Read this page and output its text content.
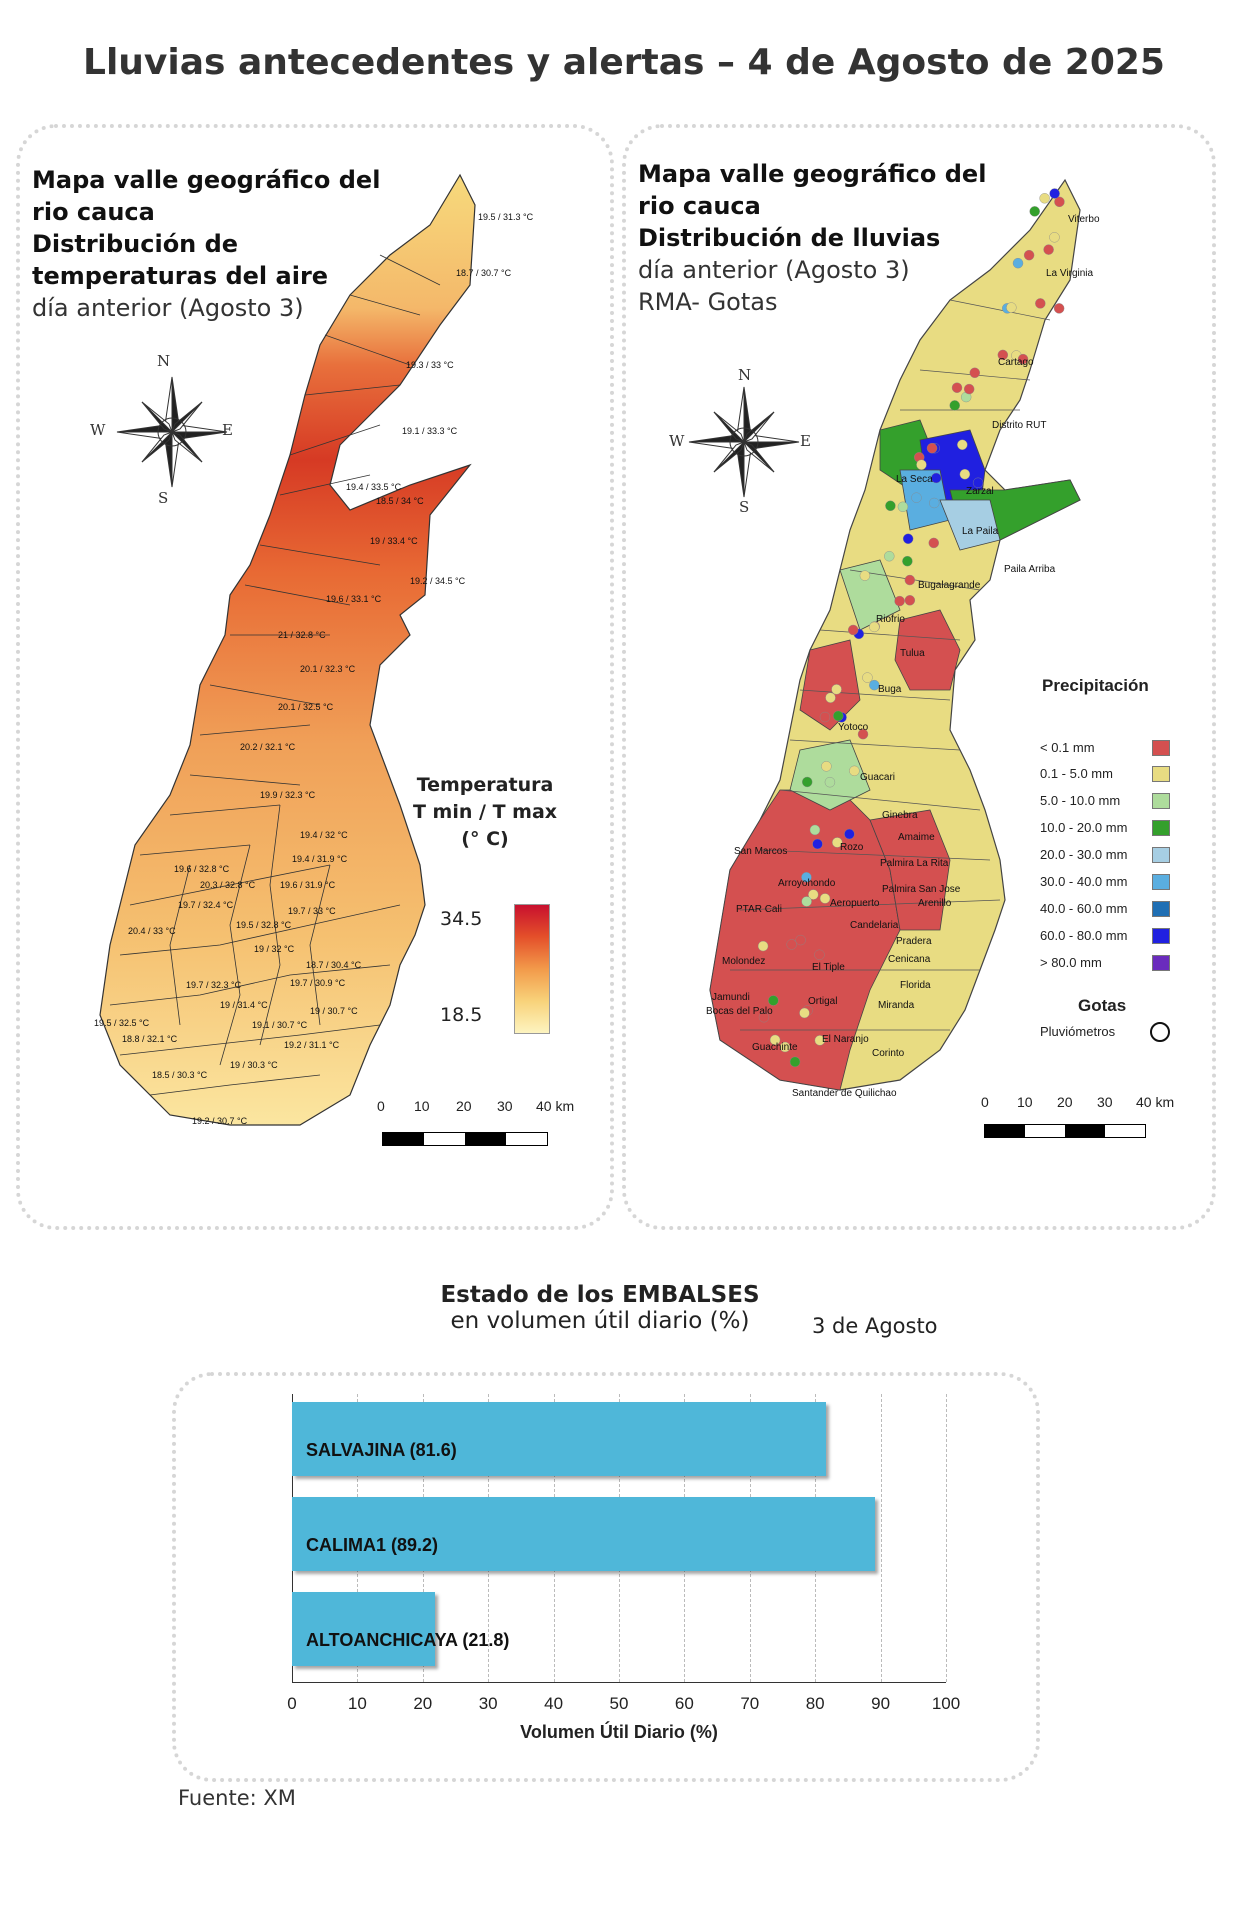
Lluvias antecedentes y alertas – 4 de Agosto de 2025
Mapa valle geográfico del
rio cauca
Distribución de
temperaturas del aire
día anterior (Agosto 3)
N
S
W	E
19.5 / 31.3 °C
18.7 / 30.7 °C
19.3 / 33 °C
19.1 / 33.3 °C
19.4 / 33.5 °C
18.5 / 34 °C
19 / 33.4 °C
19.2 / 34.5 °C
19.6 / 33.1 °C
21 / 32.8 °C
20.1 / 32.3 °C
20.1 / 32.5 °C
20.2 / 32.1 °C
19.9 / 32.3 °C
19.4 / 32 °C
19.4 / 31.9 °C
19.6 / 32.8 °C
20.3 / 32.8 °C	19.6 / 31.9 °C
19.7 / 32.4 °C
19.7 / 33 °C
19.5 / 32.8 °C
20.4 / 33 °C
19 / 32 °C
18.7 / 30.4 °C
19.7 / 32.3 °C	19.7 / 30.9 °C
19 / 31.4 °C
19 / 30.7 °C
19.1 / 30.7 °C
19.5 / 32.5 °C
18.8 / 32.1 °C
19.2 / 31.1 °C
19 / 30.3 °C
18.5 / 30.3 °C
19.2 / 30.7 °C
Temperatura
T min / T max
(° C)
34.5
18.5
0 10 20 30 40 km
Mapa valle geográfico del
rio cauca
Distribución de lluvias
día anterior (Agosto 3)
RMA- Gotas
N
S
W	E
Viterbo
La Virginia
Cartago
Distrito RUT
La Seca
Zarzal
La Paila
Paila Arriba
Bugalagrande
Riofrio
Tulua
Buga
Yotoco
Guacari
Ginebra
Amaime
San Marcos	Rozo
Palmira La Rita
Arroyohondo
Palmira San Jose
PTAR Cali
Aeropuerto	Arenillo
Candelaria
Pradera
Cenicana
Molondez
El Tiple
Florida
Jamundi
Bocas del Palo
Ortigal	Miranda
El Naranjo
Guachinte
Corinto
Santander de Quilichao
Precipitación
< 0.1 mm
0.1 - 5.0 mm
5.0 - 10.0 mm
10.0 - 20.0 mm
20.0 - 30.0 mm
30.0 - 40.0 mm
40.0 - 60.0 mm
60.0 - 80.0 mm
> 80.0 mm
Gotas
Pluviómetros
0 10 20 30 40 km
Estado de los EMBALSES
en volumen útil diario (%)	3 de Agosto
SALVAJINA (81.6)
CALIMA1 (89.2)
ALTOANCHICAYA (21.8)
0	10	20	30	40	50	60	70	80	90	100
Volumen Útil Diario (%)
Fuente: XM
